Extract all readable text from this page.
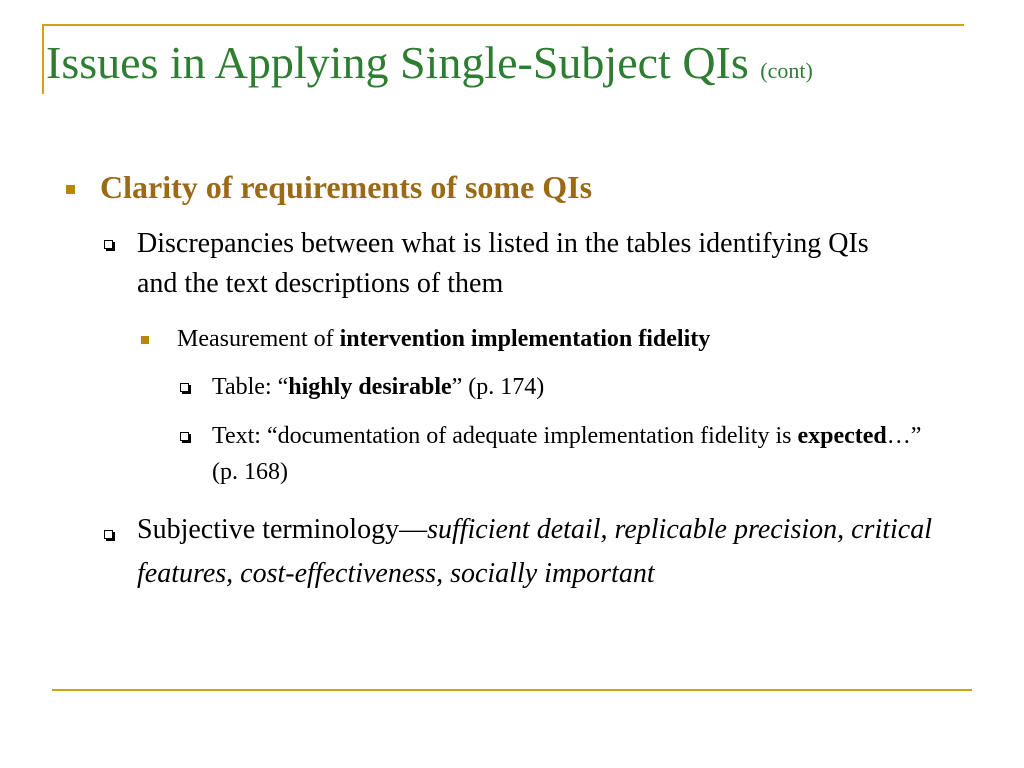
Issues in Applying Single-Subject QIs (cont)
Clarity of requirements of some QIs
Discrepancies between what is listed in the tables identifying QIs and the text descriptions of them
Measurement of intervention implementation fidelity
Table: “highly desirable” (p. 174)
Text: “documentation of adequate implementation fidelity is expected…” (p. 168)
Subjective terminology—sufficient detail, replicable precision, critical features, cost-effectiveness, socially important
